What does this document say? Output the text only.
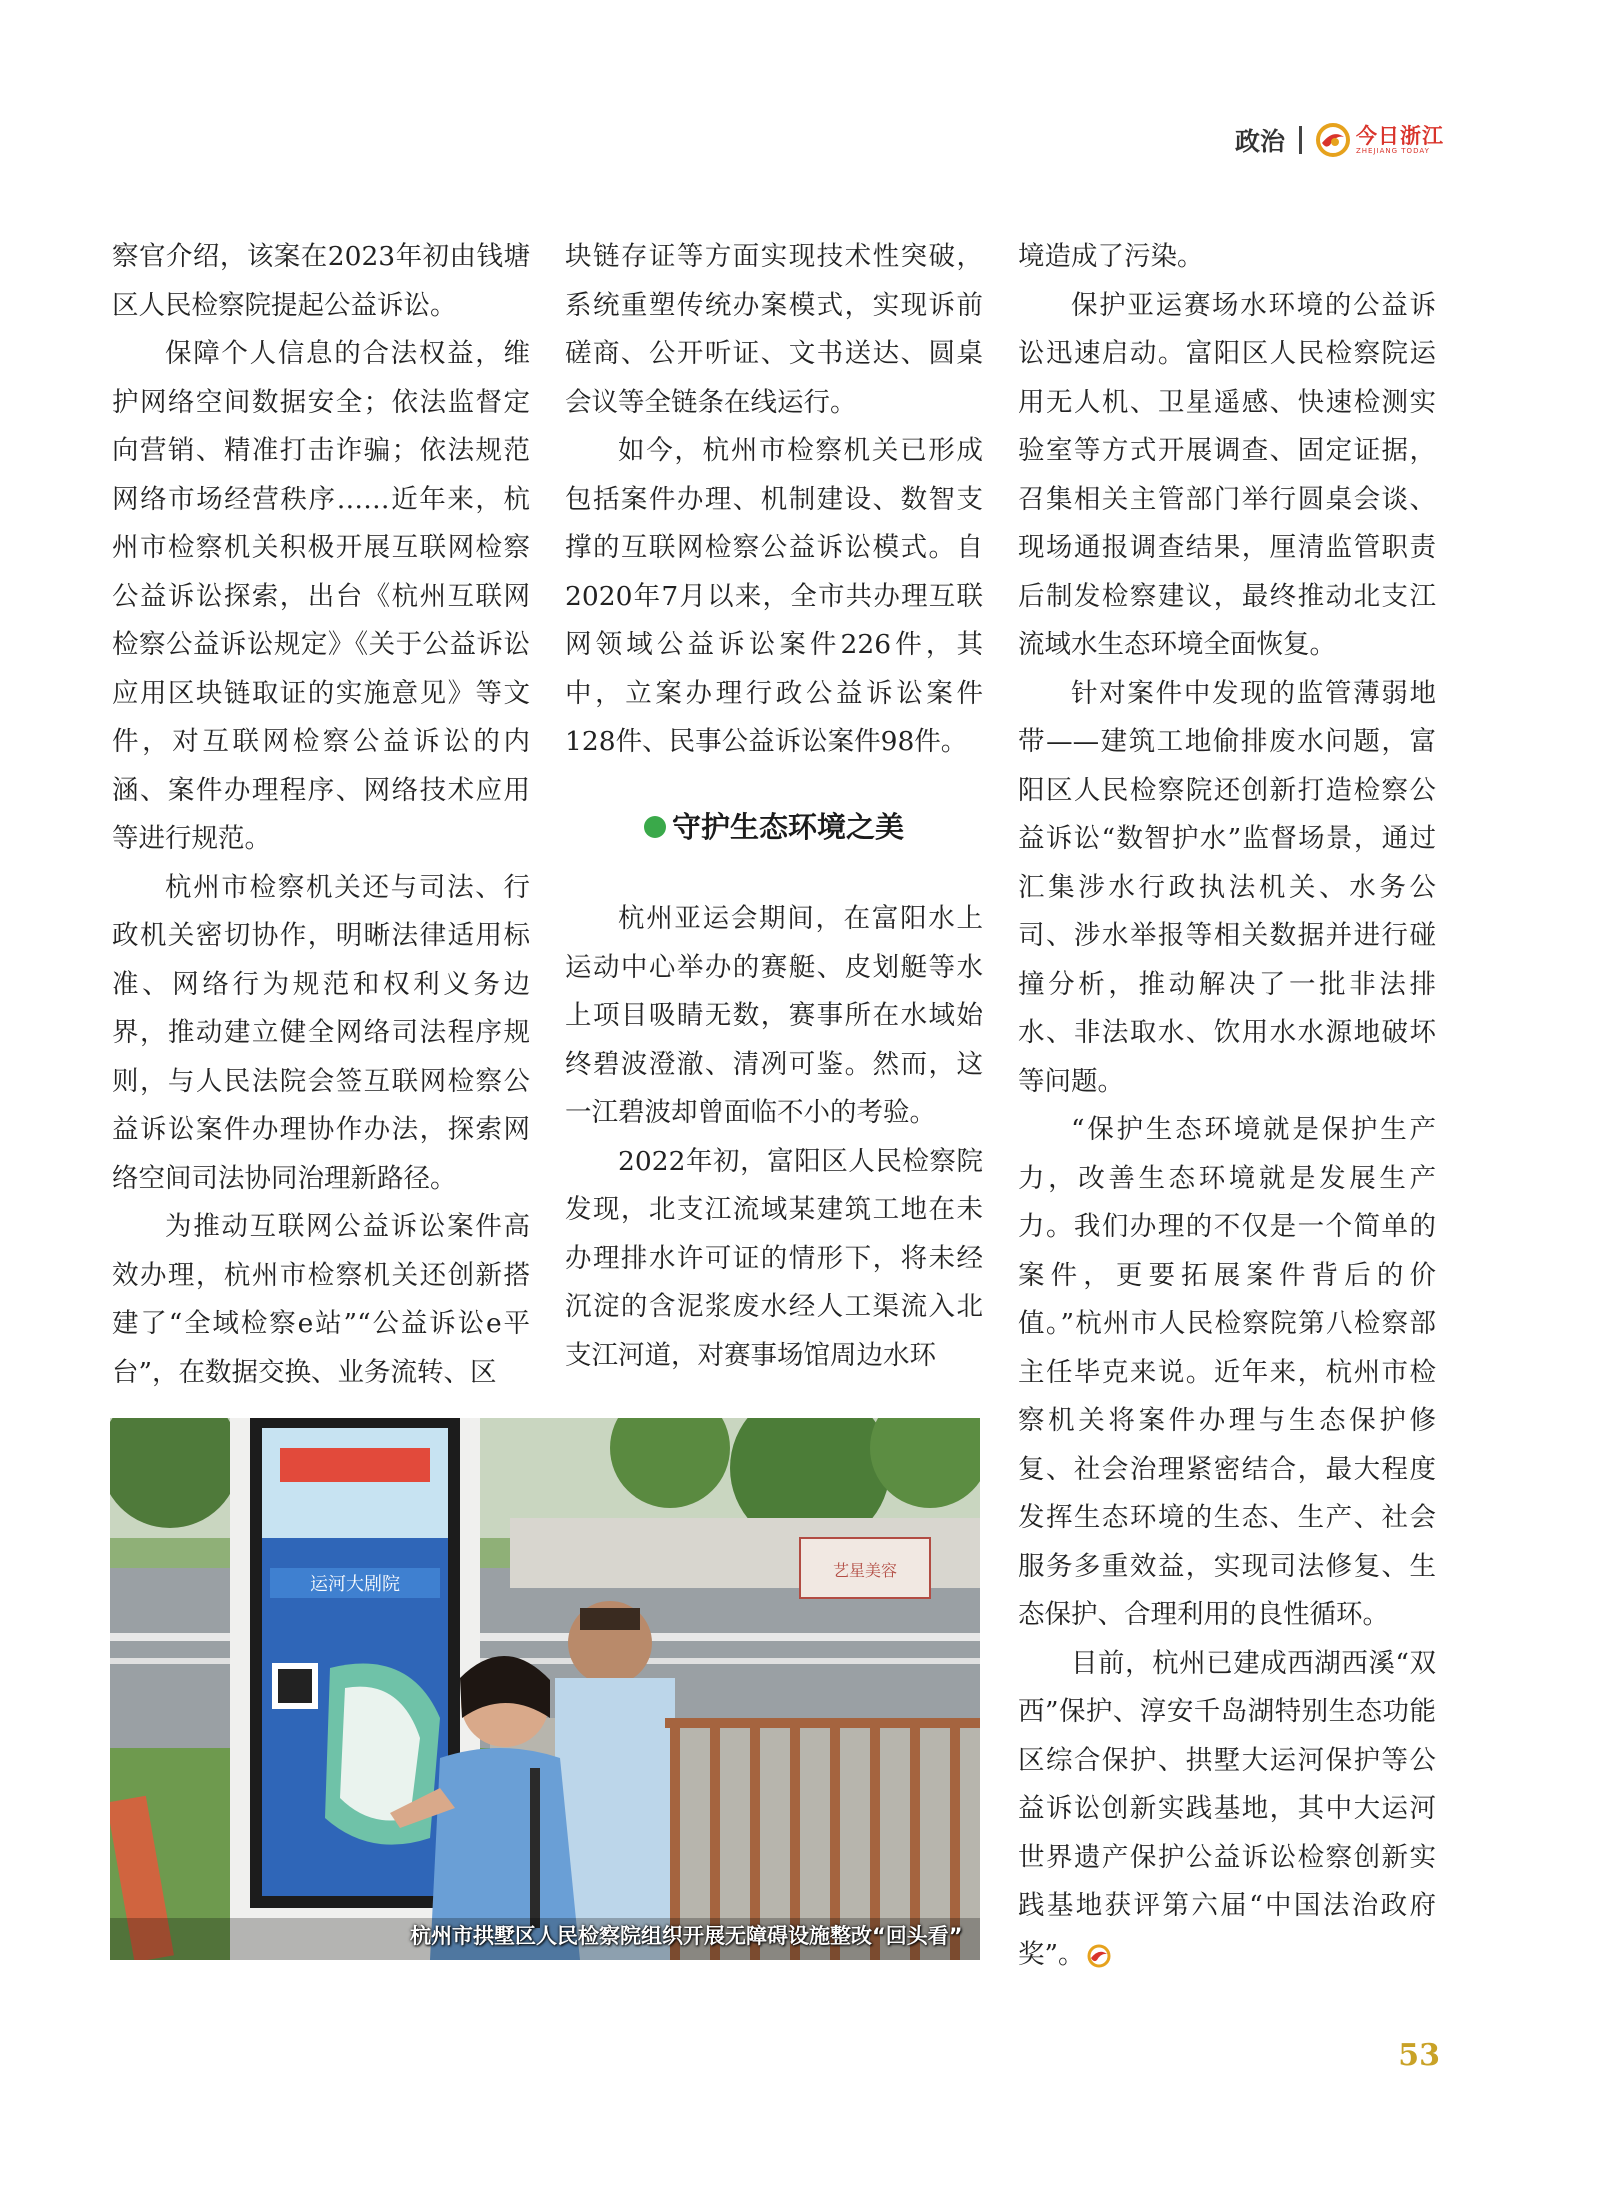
政治	今日浙江
ZHEJIANG TODAY

察官介绍，该案在2023年初由钱塘区人民检察院提起公益诉讼。

保障个人信息的合法权益，维护网络空间数据安全；依法监督定向营销、精准打击诈骗；依法规范网络市场经营秩序……近年来，杭州市检察机关积极开展互联网检察公益诉讼探索，出台《杭州互联网检察公益诉讼规定》《关于公益诉讼应用区块链取证的实施意见》等文件，对互联网检察公益诉讼的内涵、案件办理程序、网络技术应用等进行规范。

杭州市检察机关还与司法、行政机关密切协作，明晰法律适用标准、网络行为规范和权利义务边界，推动建立健全网络司法程序规则，与人民法院会签互联网检察公益诉讼案件办理协作办法，探索网络空间司法协同治理新路径。

为推动互联网公益诉讼案件高效办理，杭州市检察机关还创新搭建了“全域检察e站”“公益诉讼e平台”，在数据交换、业务流转、区

块链存证等方面实现技术性突破，系统重塑传统办案模式，实现诉前磋商、公开听证、文书送达、圆桌会议等全链条在线运行。

如今，杭州市检察机关已形成包括案件办理、机制建设、数智支撑的互联网检察公益诉讼模式。自2020年7月以来，全市共办理互联网领域公益诉讼案件226件，其中，立案办理行政公益诉讼案件128件、民事公益诉讼案件98件。

守护生态环境之美

杭州亚运会期间，在富阳水上运动中心举办的赛艇、皮划艇等水上项目吸睛无数，赛事所在水域始终碧波澄澈、清冽可鉴。然而，这一江碧波却曾面临不小的考验。

2022年初，富阳区人民检察院发现，北支江流域某建筑工地在未办理排水许可证的情形下，将未经沉淀的含泥浆废水经人工渠流入北支江河道，对赛事场馆周边水环

境造成了污染。

保护亚运赛场水环境的公益诉讼迅速启动。富阳区人民检察院运用无人机、卫星遥感、快速检测实验室等方式开展调查、固定证据，召集相关主管部门举行圆桌会谈、现场通报调查结果，厘清监管职责后制发检察建议，最终推动北支江流域水生态环境全面恢复。

针对案件中发现的监管薄弱地带——建筑工地偷排废水问题，富阳区人民检察院还创新打造检察公益诉讼“数智护水”监督场景，通过汇集涉水行政执法机关、水务公司、涉水举报等相关数据并进行碰撞分析，推动解决了一批非法排水、非法取水、饮用水水源地破坏等问题。

“保护生态环境就是保护生产力，改善生态环境就是发展生产力。我们办理的不仅是一个简单的案件，更要拓展案件背后的价值。”杭州市人民检察院第八检察部主任毕克来说。近年来，杭州市检察机关将案件办理与生态保护修复、社会治理紧密结合，最大程度发挥生态环境的生态、生产、社会服务多重效益，实现司法修复、生态保护、合理利用的良性循环。

目前，杭州已建成西湖西溪“双西”保护、淳安千岛湖特别生态功能区综合保护、拱墅大运河保护等公益诉讼创新实践基地，其中大运河世界遗产保护公益诉讼检察创新实践基地获评第六届“中国法治政府奖”。

艺星美容
运河大剧院
杭州市拱墅区人民检察院组织开展无障碍设施整改“回头看”
53
